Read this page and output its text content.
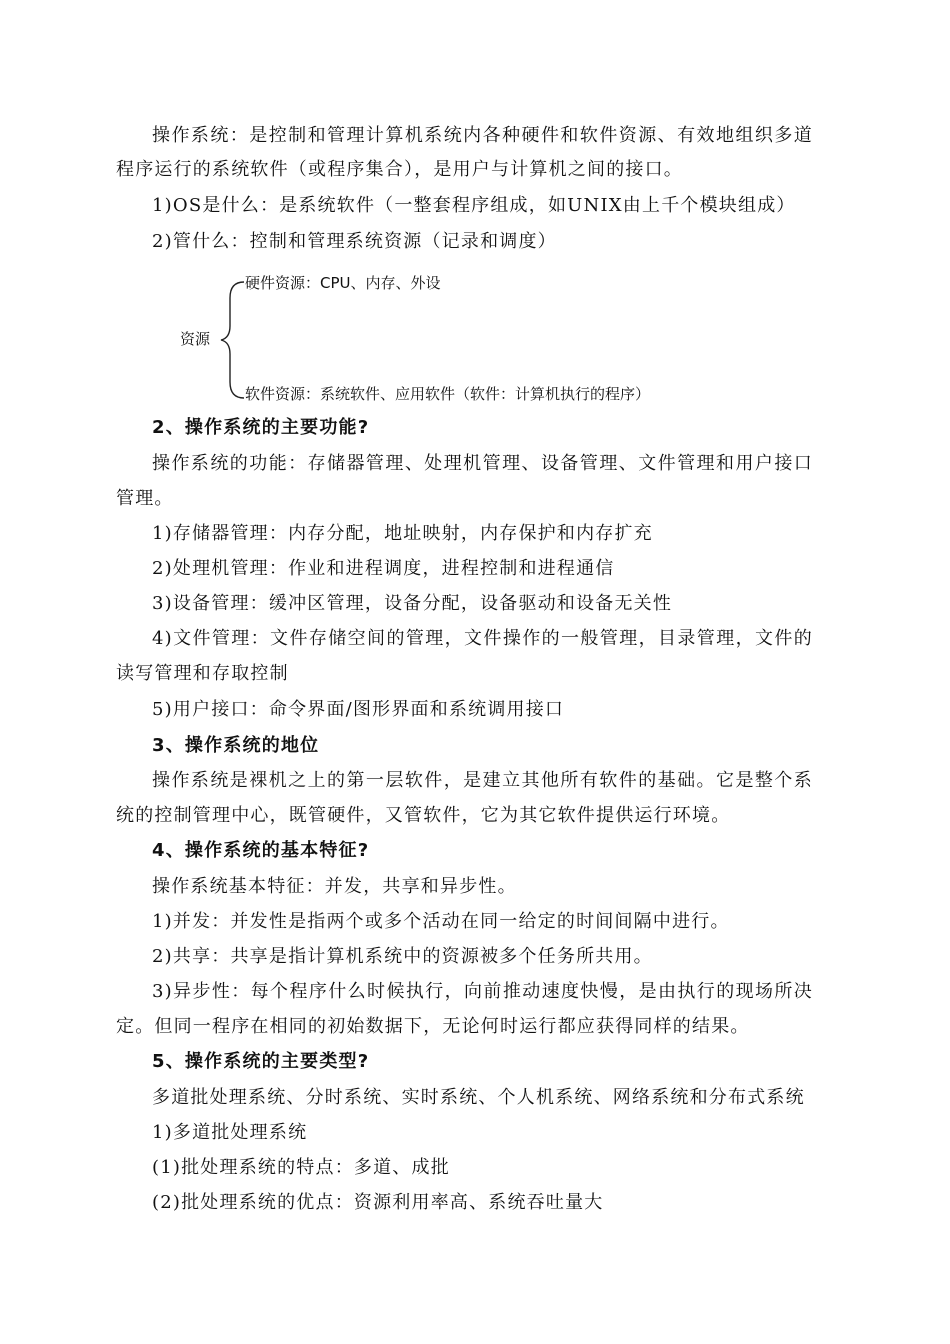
操作系统：是控制和管理计算机系统内各种硬件和软件资源、有效地组织多道
程序运行的系统软件（或程序集合），是用户与计算机之间的接口。
1)OS是什么：是系统软件（一整套程序组成，如UNIX由上千个模块组成）
2)管什么：控制和管理系统资源（记录和调度）
资源
硬件资源：CPU、内存、外设
软件资源：系统软件、应用软件（软件：计算机执行的程序）
2、操作系统的主要功能?
操作系统的功能：存储器管理、处理机管理、设备管理、文件管理和用户接口
管理。
1)存储器管理：内存分配，地址映射，内存保护和内存扩充
2)处理机管理：作业和进程调度，进程控制和进程通信
3)设备管理：缓冲区管理，设备分配，设备驱动和设备无关性
4)文件管理：文件存储空间的管理，文件操作的一般管理，目录管理，文件的
读写管理和存取控制
5)用户接口：命令界面/图形界面和系统调用接口
3、操作系统的地位
操作系统是裸机之上的第一层软件，是建立其他所有软件的基础。它是整个系
统的控制管理中心，既管硬件，又管软件，它为其它软件提供运行环境。
4、操作系统的基本特征?
操作系统基本特征：并发，共享和异步性。
1)并发：并发性是指两个或多个活动在同一给定的时间间隔中进行。
2)共享：共享是指计算机系统中的资源被多个任务所共用。
3)异步性：每个程序什么时候执行，向前推动速度快慢，是由执行的现场所决
定。但同一程序在相同的初始数据下，无论何时运行都应获得同样的结果。
5、操作系统的主要类型?
多道批处理系统、分时系统、实时系统、个人机系统、网络系统和分布式系统
1)多道批处理系统
(1)批处理系统的特点：多道、成批
(2)批处理系统的优点：资源利用率高、系统吞吐量大
